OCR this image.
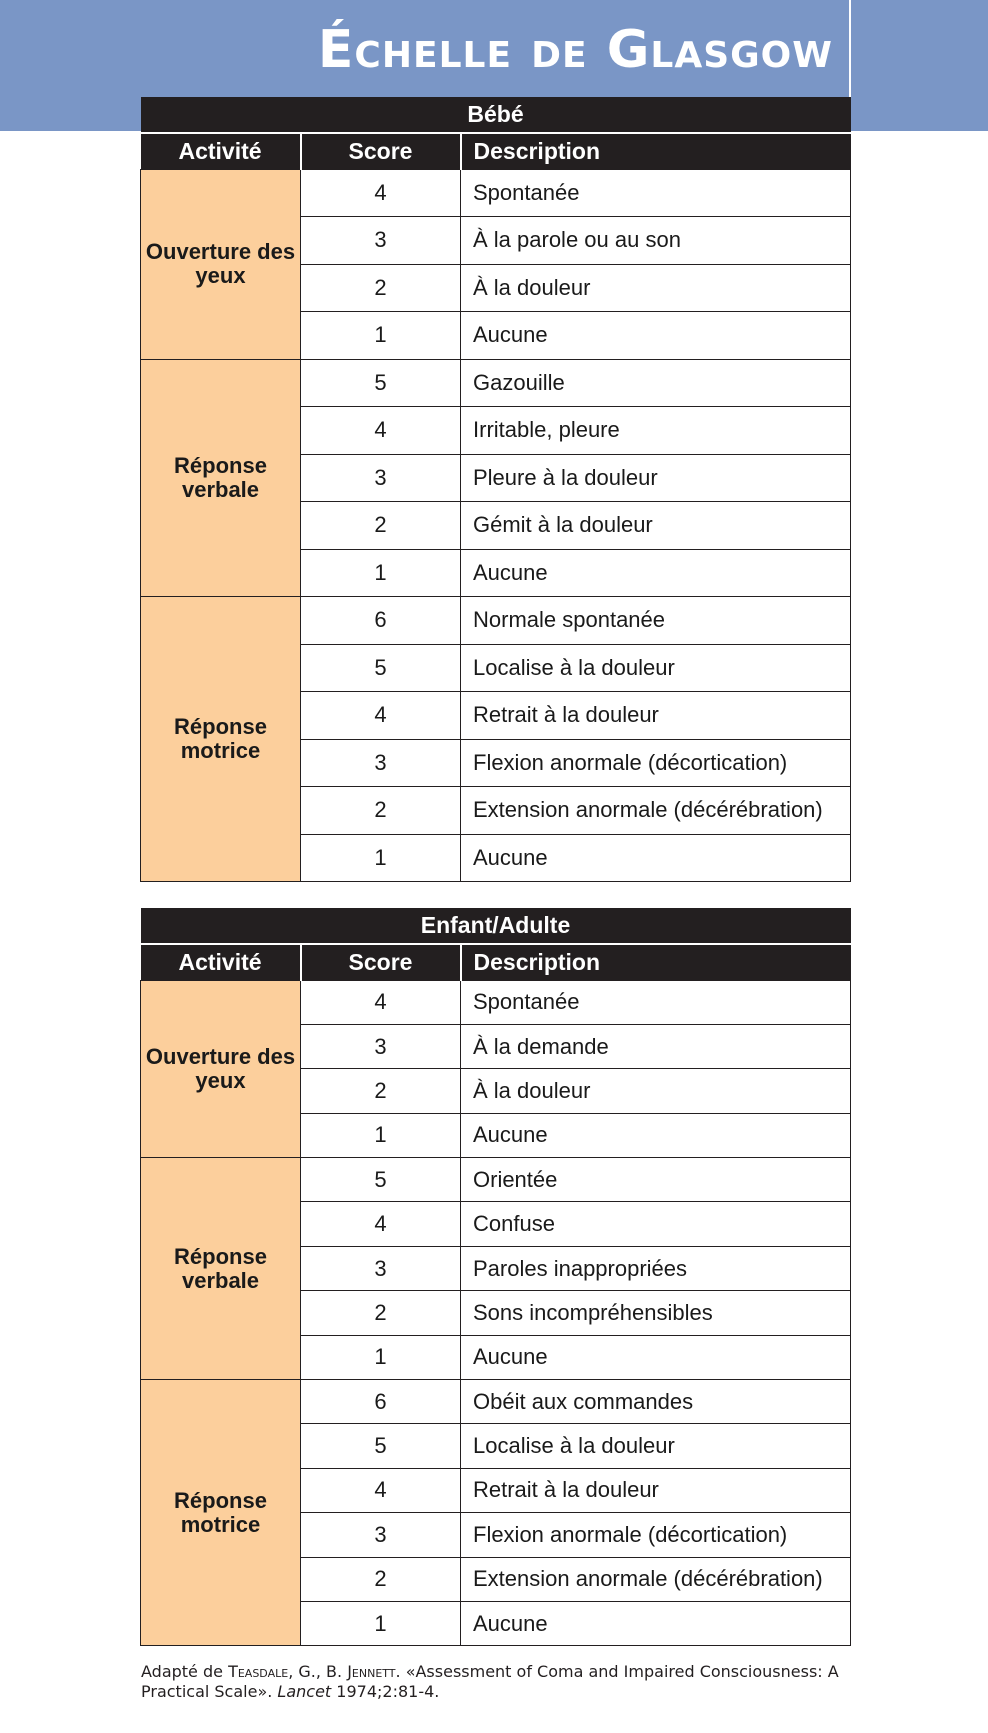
Échelle de Glasgow
Bébé		
Activité	Score	Description
Ouverture des yeux	4	Spontanée
	3	À la parole ou au son
	2	À la douleur
	1	Aucune
Réponse verbale	5	Gazouille
	4	Irritable, pleure
	3	Pleure à la douleur
	2	Gémit à la douleur
	1	Aucune
Réponse motrice	6	Normale spontanée
	5	Localise à la douleur
	4	Retrait à la douleur
	3	Flexion anormale (décortication)
	2	Extension anormale (décérébration)
	1	Aucune
Enfant/Adulte		
Activité	Score	Description
Ouverture des yeux	4	Spontanée
	3	À la demande
	2	À la douleur
	1	Aucune
Réponse verbale	5	Orientée
	4	Confuse
	3	Paroles inappropriées
	2	Sons incompréhensibles
	1	Aucune
Réponse motrice	6	Obéit aux commandes
	5	Localise à la douleur
	4	Retrait à la douleur
	3	Flexion anormale (décortication)
	2	Extension anormale (décérébration)
	1	Aucune
Adapté de Teasdale, G., B. Jennett. «Assessment of Coma and Impaired Consciousness: A Practical Scale». Lancet 1974;2:81-4.
